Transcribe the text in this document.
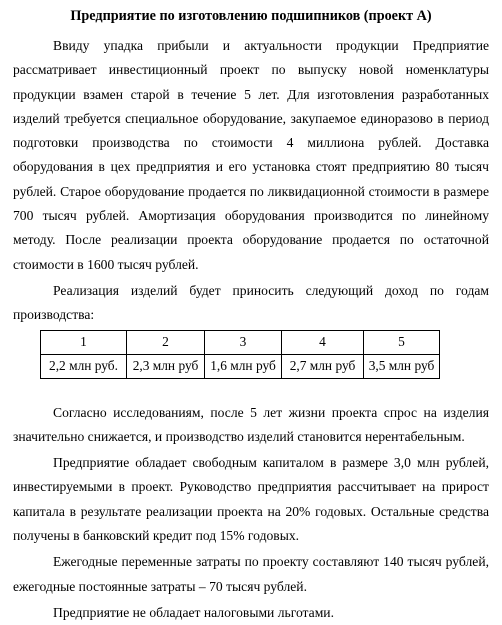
Предприятие по изготовлению подшипников (проект А)

Ввиду упадка прибыли и актуальности продукции Предприятие рассматривает инвестиционный проект по выпуску новой номенклатуры продукции взамен старой в течение 5 лет. Для изготовления разработанных изделий требуется специальное оборудование, закупаемое единоразово в период подготовки производства по стоимости 4 миллиона рублей. Доставка оборудования в цех предприятия и его установка стоят предприятию 80 тысяч рублей. Старое оборудование продается по ликвидационной стоимости в размере 700 тысяч рублей. Амортизация оборудования производится по линейному методу. После реализации проекта оборудование продается по остаточной стоимости в 1600 тысяч рублей.

Реализация изделий будет приносить следующий доход по годам производства:

1	2	3	4	5
2,2 млн руб.	2,3 млн руб	1,6 млн руб	2,7 млн руб	3,5 млн руб

Согласно исследованиям, после 5 лет жизни проекта спрос на изделия значительно снижается, и производство изделий становится нерентабельным.

Предприятие обладает свободным капиталом в размере 3,0 млн рублей, инвестируемыми в проект. Руководство предприятия рассчитывает на прирост капитала в результате реализации проекта на 20% годовых. Остальные средства получены в банковский кредит под 15% годовых.

Ежегодные переменные затраты по проекту составляют 140 тысяч рублей, ежегодные постоянные затраты – 70 тысяч рублей.

Предприятие не обладает налоговыми льготами.
